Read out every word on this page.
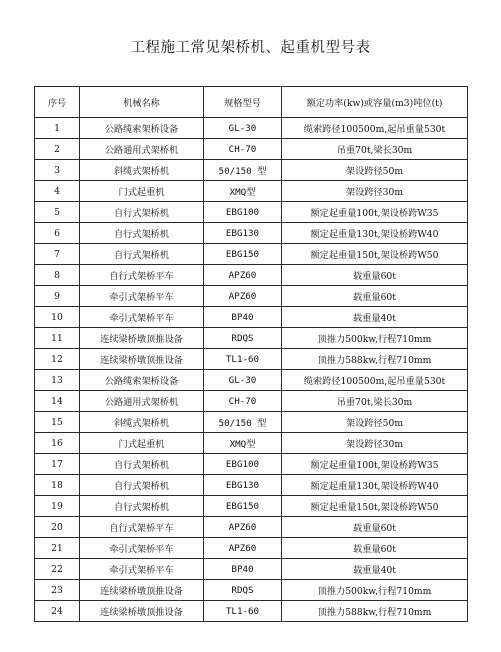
工程施工常见架桥机、起重机型号表
序号	机械名称	规格型号	额定功率(kw)或容量(m3)吨位(t)
1	公路缆索架桥设备	GL-30	缆索跨径100500m,起吊重量530t
2	公路通用式架桥机	CH-70	吊重70t,梁长30m
3	斜缆式架桥机	50/150 型	架设跨径50m
4	门式起重机	XMQ型	架设跨径30m
5	自行式架桥机	EBG100	额定起重量100t,架设桥跨W35
6	自行式架桥机	EBG130	额定起重量130t,架设桥跨W40
7	自行式架桥机	EBG150	额定起重量150t,架设桥跨W50
8	自行式架桥平车	APZ60	载重量60t
9	牵引式架桥平车	APZ60	载重量60t
10	牵引式架桥平车	BP40	载重量40t
11	连续梁桥墩顶推设备	RDQS	顶推力500kw,行程710mm
12	连续梁桥墩顶推设备	TL1-60	顶推力588kw,行程710mm
13	公路缆索架桥设备	GL-30	缆索跨径100500m,起吊重量530t
14	公路通用式架桥机	CH-70	吊重70t,梁长30m
15	斜缆式架桥机	50/150 型	架设跨径50m
16	门式起重机	XMQ型	架设跨径30m
17	自行式架桥机	EBG100	额定起重量100t,架设桥跨W35
18	自行式架桥机	EBG130	额定起重量130t,架设桥跨W40
19	自行式架桥机	EBG150	额定起重量150t,架设桥跨W50
20	自行式架桥平车	APZ60	载重量60t
21	牵引式架桥平车	APZ60	载重量60t
22	牵引式架桥平车	BP40	载重量40t
23	连续梁桥墩顶推设备	RDQS	顶推力500kw,行程710mm
24	连续梁桥墩顶推设备	TL1-60	顶推力588kw,行程710mm
